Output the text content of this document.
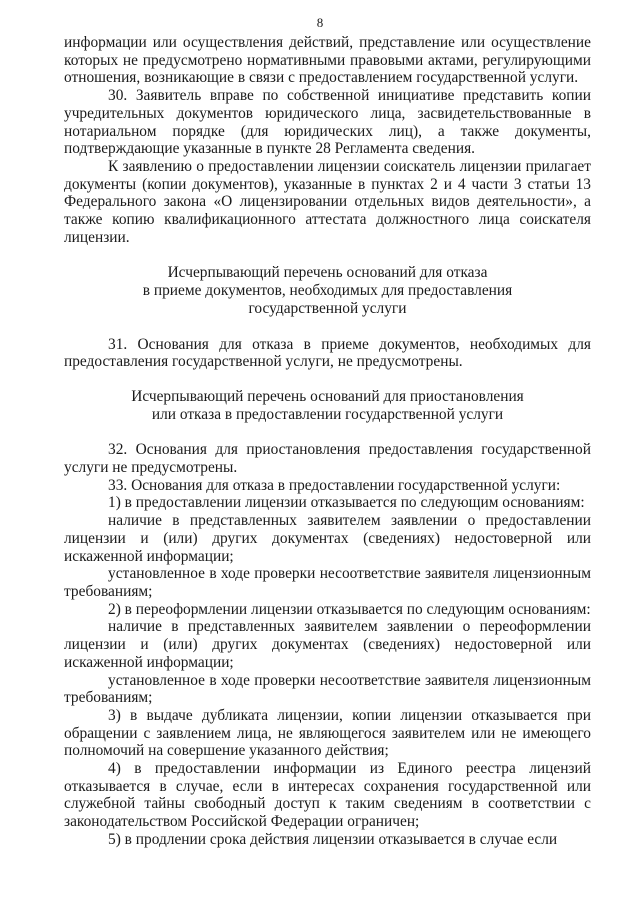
8

информации или осуществления действий, представление или осуществление которых не предусмотрено нормативными правовыми актами, регулирующими отношения, возникающие в связи с предоставлением государственной услуги.

30. Заявитель вправе по собственной инициативе представить копии учредительных документов юридического лица, засвидетельствованные в нотариальном порядке (для юридических лиц), а также документы, подтверждающие указанные в пункте 28 Регламента сведения.

К заявлению о предоставлении лицензии соискатель лицензии прилагает документы (копии документов), указанные в пунктах 2 и 4 части 3 статьи 13 Федерального закона «О лицензировании отдельных видов деятельности», а также копию квалификационного аттестата должностного лица соискателя лицензии.

Исчерпывающий перечень оснований для отказа

в приеме документов, необходимых для предоставления

государственной услуги

31. Основания для отказа в приеме документов, необходимых для предоставления государственной услуги, не предусмотрены.

Исчерпывающий перечень оснований для приостановления

или отказа в предоставлении государственной услуги

32. Основания для приостановления предоставления государственной услуги не предусмотрены.

33. Основания для отказа в предоставлении государственной услуги:

1) в предоставлении лицензии отказывается по следующим основаниям:

наличие в представленных заявителем заявлении о предоставлении лицензии и (или) других документах (сведениях) недостоверной или искаженной информации;

установленное в ходе проверки несоответствие заявителя лицензионным требованиям;

2) в переоформлении лицензии отказывается по следующим основаниям:

наличие в представленных заявителем заявлении о переоформлении лицензии и (или) других документах (сведениях) недостоверной или искаженной информации;

установленное в ходе проверки несоответствие заявителя лицензионным требованиям;

3) в выдаче дубликата лицензии, копии лицензии отказывается при обращении с заявлением лица, не являющегося заявителем или не имеющего полномочий на совершение указанного действия;

4) в предоставлении информации из Единого реестра лицензий отказывается в случае, если в интересах сохранения государственной или служебной тайны свободный доступ к таким сведениям в соответствии с законодательством Российской Федерации ограничен;

5) в продлении срока действия лицензии отказывается в случае если
